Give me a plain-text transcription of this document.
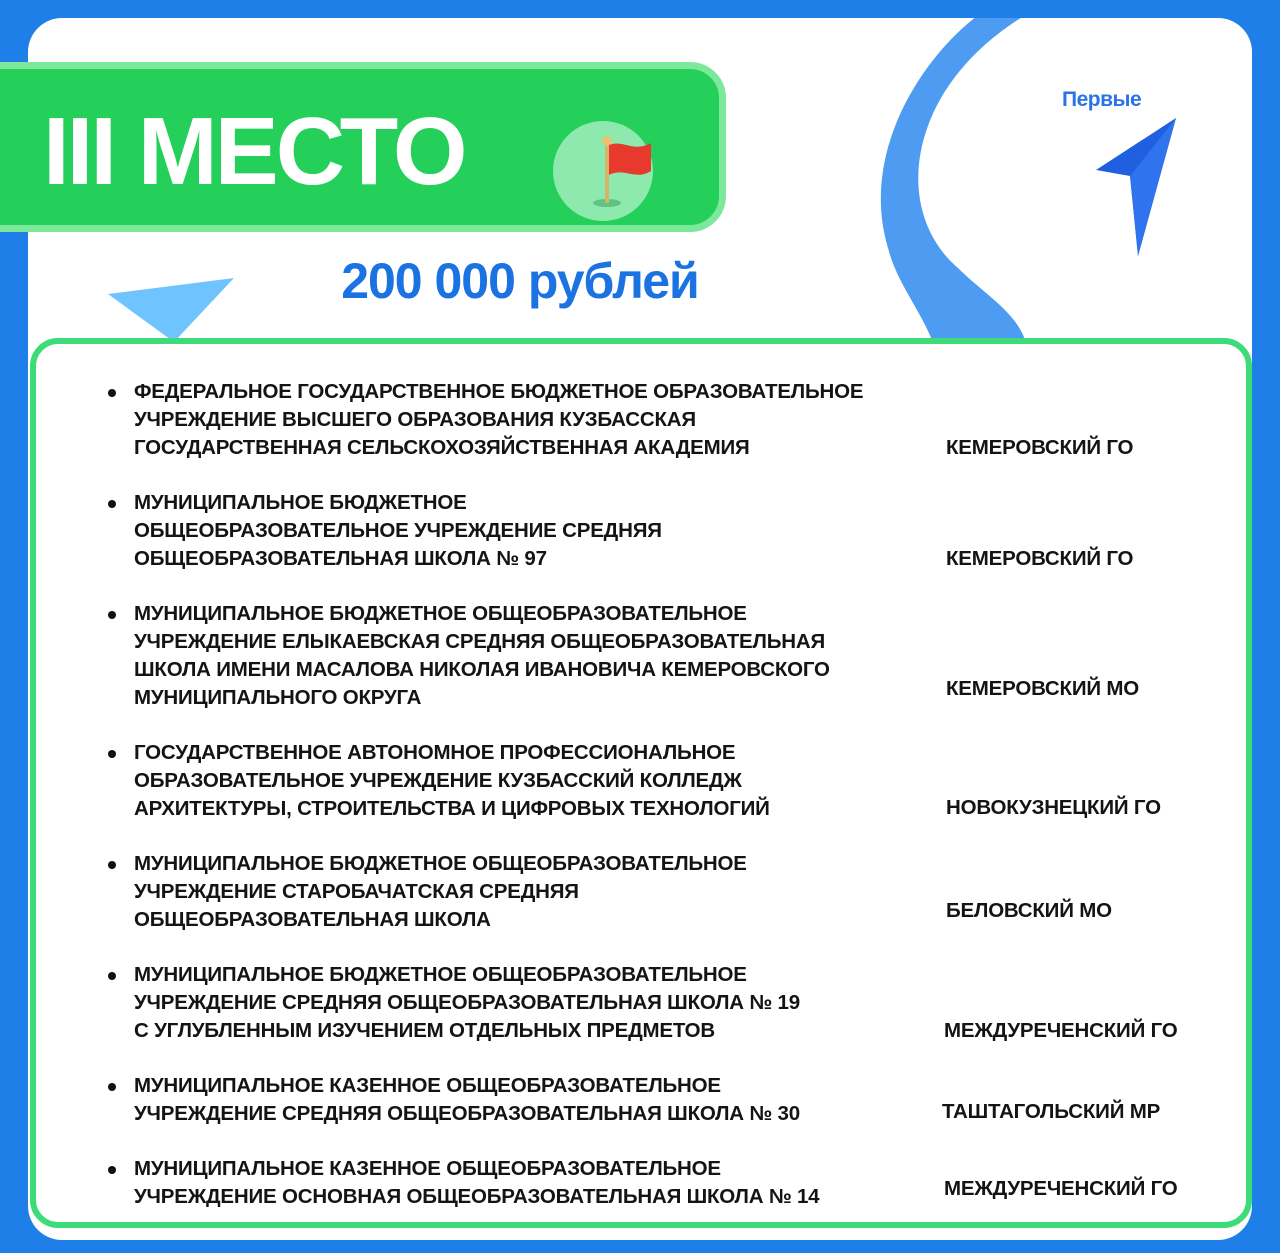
III МЕСТО
200 000 рублей
Первые
ФЕДЕРАЛЬНОЕ ГОСУДАРСТВЕННОЕ БЮДЖЕТНОЕ ОБРАЗОВАТЕЛЬНОЕ
УЧРЕЖДЕНИЕ ВЫСШЕГО ОБРАЗОВАНИЯ КУЗБАССКАЯ
ГОСУДАРСТВЕННАЯ СЕЛЬСКОХОЗЯЙСТВЕННАЯ АКАДЕМИЯ	КЕМЕРОВСКИЙ ГО
МУНИЦИПАЛЬНОЕ БЮДЖЕТНОЕ
ОБЩЕОБРАЗОВАТЕЛЬНОЕ УЧРЕЖДЕНИЕ СРЕДНЯЯ
ОБЩЕОБРАЗОВАТЕЛЬНАЯ ШКОЛА № 97	КЕМЕРОВСКИЙ ГО
МУНИЦИПАЛЬНОЕ БЮДЖЕТНОЕ ОБЩЕОБРАЗОВАТЕЛЬНОЕ
УЧРЕЖДЕНИЕ ЕЛЫКАЕВСКАЯ СРЕДНЯЯ ОБЩЕОБРАЗОВАТЕЛЬНАЯ
ШКОЛА ИМЕНИ МАСАЛОВА НИКОЛАЯ ИВАНОВИЧА КЕМЕРОВСКОГО
МУНИЦИПАЛЬНОГО ОКРУГА	КЕМЕРОВСКИЙ МО
ГОСУДАРСТВЕННОЕ АВТОНОМНОЕ ПРОФЕССИОНАЛЬНОЕ
ОБРАЗОВАТЕЛЬНОЕ УЧРЕЖДЕНИЕ КУЗБАССКИЙ КОЛЛЕДЖ
АРХИТЕКТУРЫ, СТРОИТЕЛЬСТВА И ЦИФРОВЫХ ТЕХНОЛОГИЙ	НОВОКУЗНЕЦКИЙ ГО
МУНИЦИПАЛЬНОЕ БЮДЖЕТНОЕ ОБЩЕОБРАЗОВАТЕЛЬНОЕ
УЧРЕЖДЕНИЕ СТАРОБАЧАТСКАЯ СРЕДНЯЯ
ОБЩЕОБРАЗОВАТЕЛЬНАЯ ШКОЛА	БЕЛОВСКИЙ МО
МУНИЦИПАЛЬНОЕ БЮДЖЕТНОЕ ОБЩЕОБРАЗОВАТЕЛЬНОЕ
УЧРЕЖДЕНИЕ СРЕДНЯЯ ОБЩЕОБРАЗОВАТЕЛЬНАЯ ШКОЛА № 19
С УГЛУБЛЕННЫМ ИЗУЧЕНИЕМ ОТДЕЛЬНЫХ ПРЕДМЕТОВ	МЕЖДУРЕЧЕНСКИЙ ГО
МУНИЦИПАЛЬНОЕ КАЗЕННОЕ ОБЩЕОБРАЗОВАТЕЛЬНОЕ
УЧРЕЖДЕНИЕ СРЕДНЯЯ ОБЩЕОБРАЗОВАТЕЛЬНАЯ ШКОЛА № 30	ТАШТАГОЛЬСКИЙ МР
МУНИЦИПАЛЬНОЕ КАЗЕННОЕ ОБЩЕОБРАЗОВАТЕЛЬНОЕ
УЧРЕЖДЕНИЕ ОСНОВНАЯ ОБЩЕОБРАЗОВАТЕЛЬНАЯ ШКОЛА № 14	МЕЖДУРЕЧЕНСКИЙ ГО
